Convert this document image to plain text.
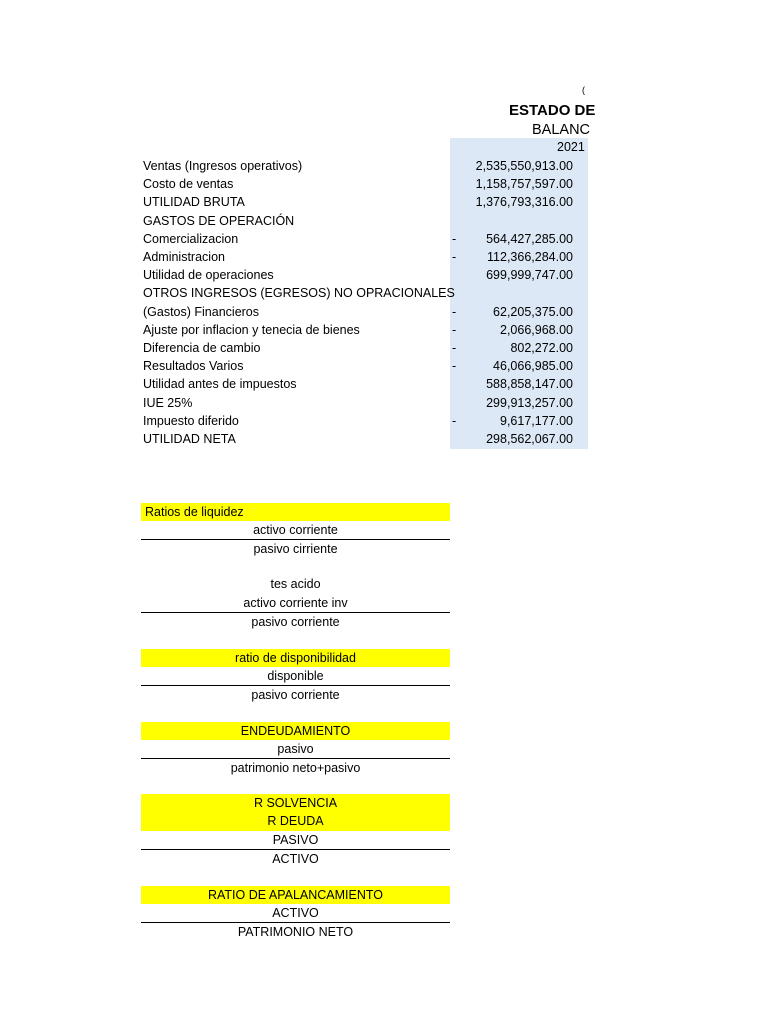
(
ESTADO DE
BALANC
2021
Ventas (Ingresos operativos)	2,535,550,913.00
Costo de ventas	1,158,757,597.00
UTILIDAD BRUTA	1,376,793,316.00
GASTOS DE OPERACIÓN
Comercializacion	-	564,427,285.00
Administracion	-	112,366,284.00
Utilidad de operaciones	699,999,747.00
OTROS INGRESOS (EGRESOS) NO OPRACIONALES
(Gastos) Financieros	-	62,205,375.00
Ajuste por inflacion y tenecia de bienes	-	2,066,968.00
Diferencia de cambio	-	802,272.00
Resultados Varios	-	46,066,985.00
Utilidad antes de impuestos	588,858,147.00
IUE 25%	299,913,257.00
Impuesto diferido	-	9,617,177.00
UTILIDAD NETA	298,562,067.00
Ratios de liquidez
activo corriente
pasivo cirriente
tes acido
activo corriente inv
pasivo corriente
ratio de disponibilidad
disponible
pasivo corriente
ENDEUDAMIENTO
pasivo
patrimonio neto+pasivo
R SOLVENCIA
R DEUDA
PASIVO
ACTIVO
RATIO DE APALANCAMIENTO
ACTIVO
PATRIMONIO NETO
